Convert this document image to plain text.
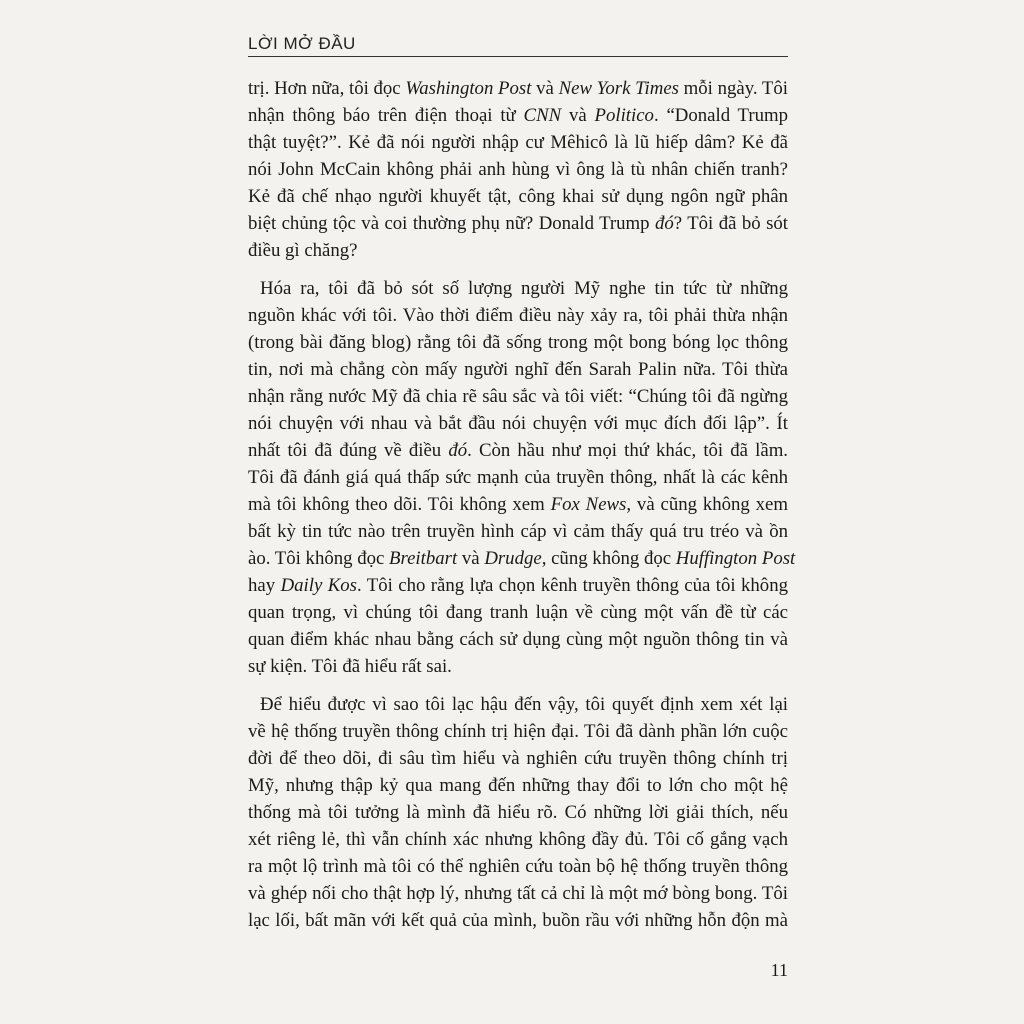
LỜI MỞ ĐẦU
trị. Hơn nữa, tôi đọc Washington Post và New York Times mỗi ngày. Tôi
nhận thông báo trên điện thoại từ CNN và Politico. “Donald Trump
thật tuyệt?”. Kẻ đã nói người nhập cư Mêhicô là lũ hiếp dâm? Kẻ đã
nói John McCain không phải anh hùng vì ông là tù nhân chiến tranh?
Kẻ đã chế nhạo người khuyết tật, công khai sử dụng ngôn ngữ phân
biệt chủng tộc và coi thường phụ nữ? Donald Trump đó? Tôi đã bỏ sót
điều gì chăng?
Hóa ra, tôi đã bỏ sót số lượng người Mỹ nghe tin tức từ những
nguồn khác với tôi. Vào thời điểm điều này xảy ra, tôi phải thừa nhận
(trong bài đăng blog) rằng tôi đã sống trong một bong bóng lọc thông
tin, nơi mà chẳng còn mấy người nghĩ đến Sarah Palin nữa. Tôi thừa
nhận rằng nước Mỹ đã chia rẽ sâu sắc và tôi viết: “Chúng tôi đã ngừng
nói chuyện với nhau và bắt đầu nói chuyện với mục đích đối lập”. Ít
nhất tôi đã đúng về điều đó. Còn hầu như mọi thứ khác, tôi đã lầm.
Tôi đã đánh giá quá thấp sức mạnh của truyền thông, nhất là các kênh
mà tôi không theo dõi. Tôi không xem Fox News, và cũng không xem
bất kỳ tin tức nào trên truyền hình cáp vì cảm thấy quá tru tréo và ồn
ào. Tôi không đọc Breitbart và Drudge, cũng không đọc Huffington Post
hay Daily Kos. Tôi cho rằng lựa chọn kênh truyền thông của tôi không
quan trọng, vì chúng tôi đang tranh luận về cùng một vấn đề từ các
quan điểm khác nhau bằng cách sử dụng cùng một nguồn thông tin và
sự kiện. Tôi đã hiểu rất sai.
Để hiểu được vì sao tôi lạc hậu đến vậy, tôi quyết định xem xét lại
về hệ thống truyền thông chính trị hiện đại. Tôi đã dành phần lớn cuộc
đời để theo dõi, đi sâu tìm hiểu và nghiên cứu truyền thông chính trị
Mỹ, nhưng thập kỷ qua mang đến những thay đổi to lớn cho một hệ
thống mà tôi tưởng là mình đã hiểu rõ. Có những lời giải thích, nếu
xét riêng lẻ, thì vẫn chính xác nhưng không đầy đủ. Tôi cố gắng vạch
ra một lộ trình mà tôi có thể nghiên cứu toàn bộ hệ thống truyền thông
và ghép nối cho thật hợp lý, nhưng tất cả chỉ là một mớ bòng bong. Tôi
lạc lối, bất mãn với kết quả của mình, buồn rầu với những hỗn độn mà
11
